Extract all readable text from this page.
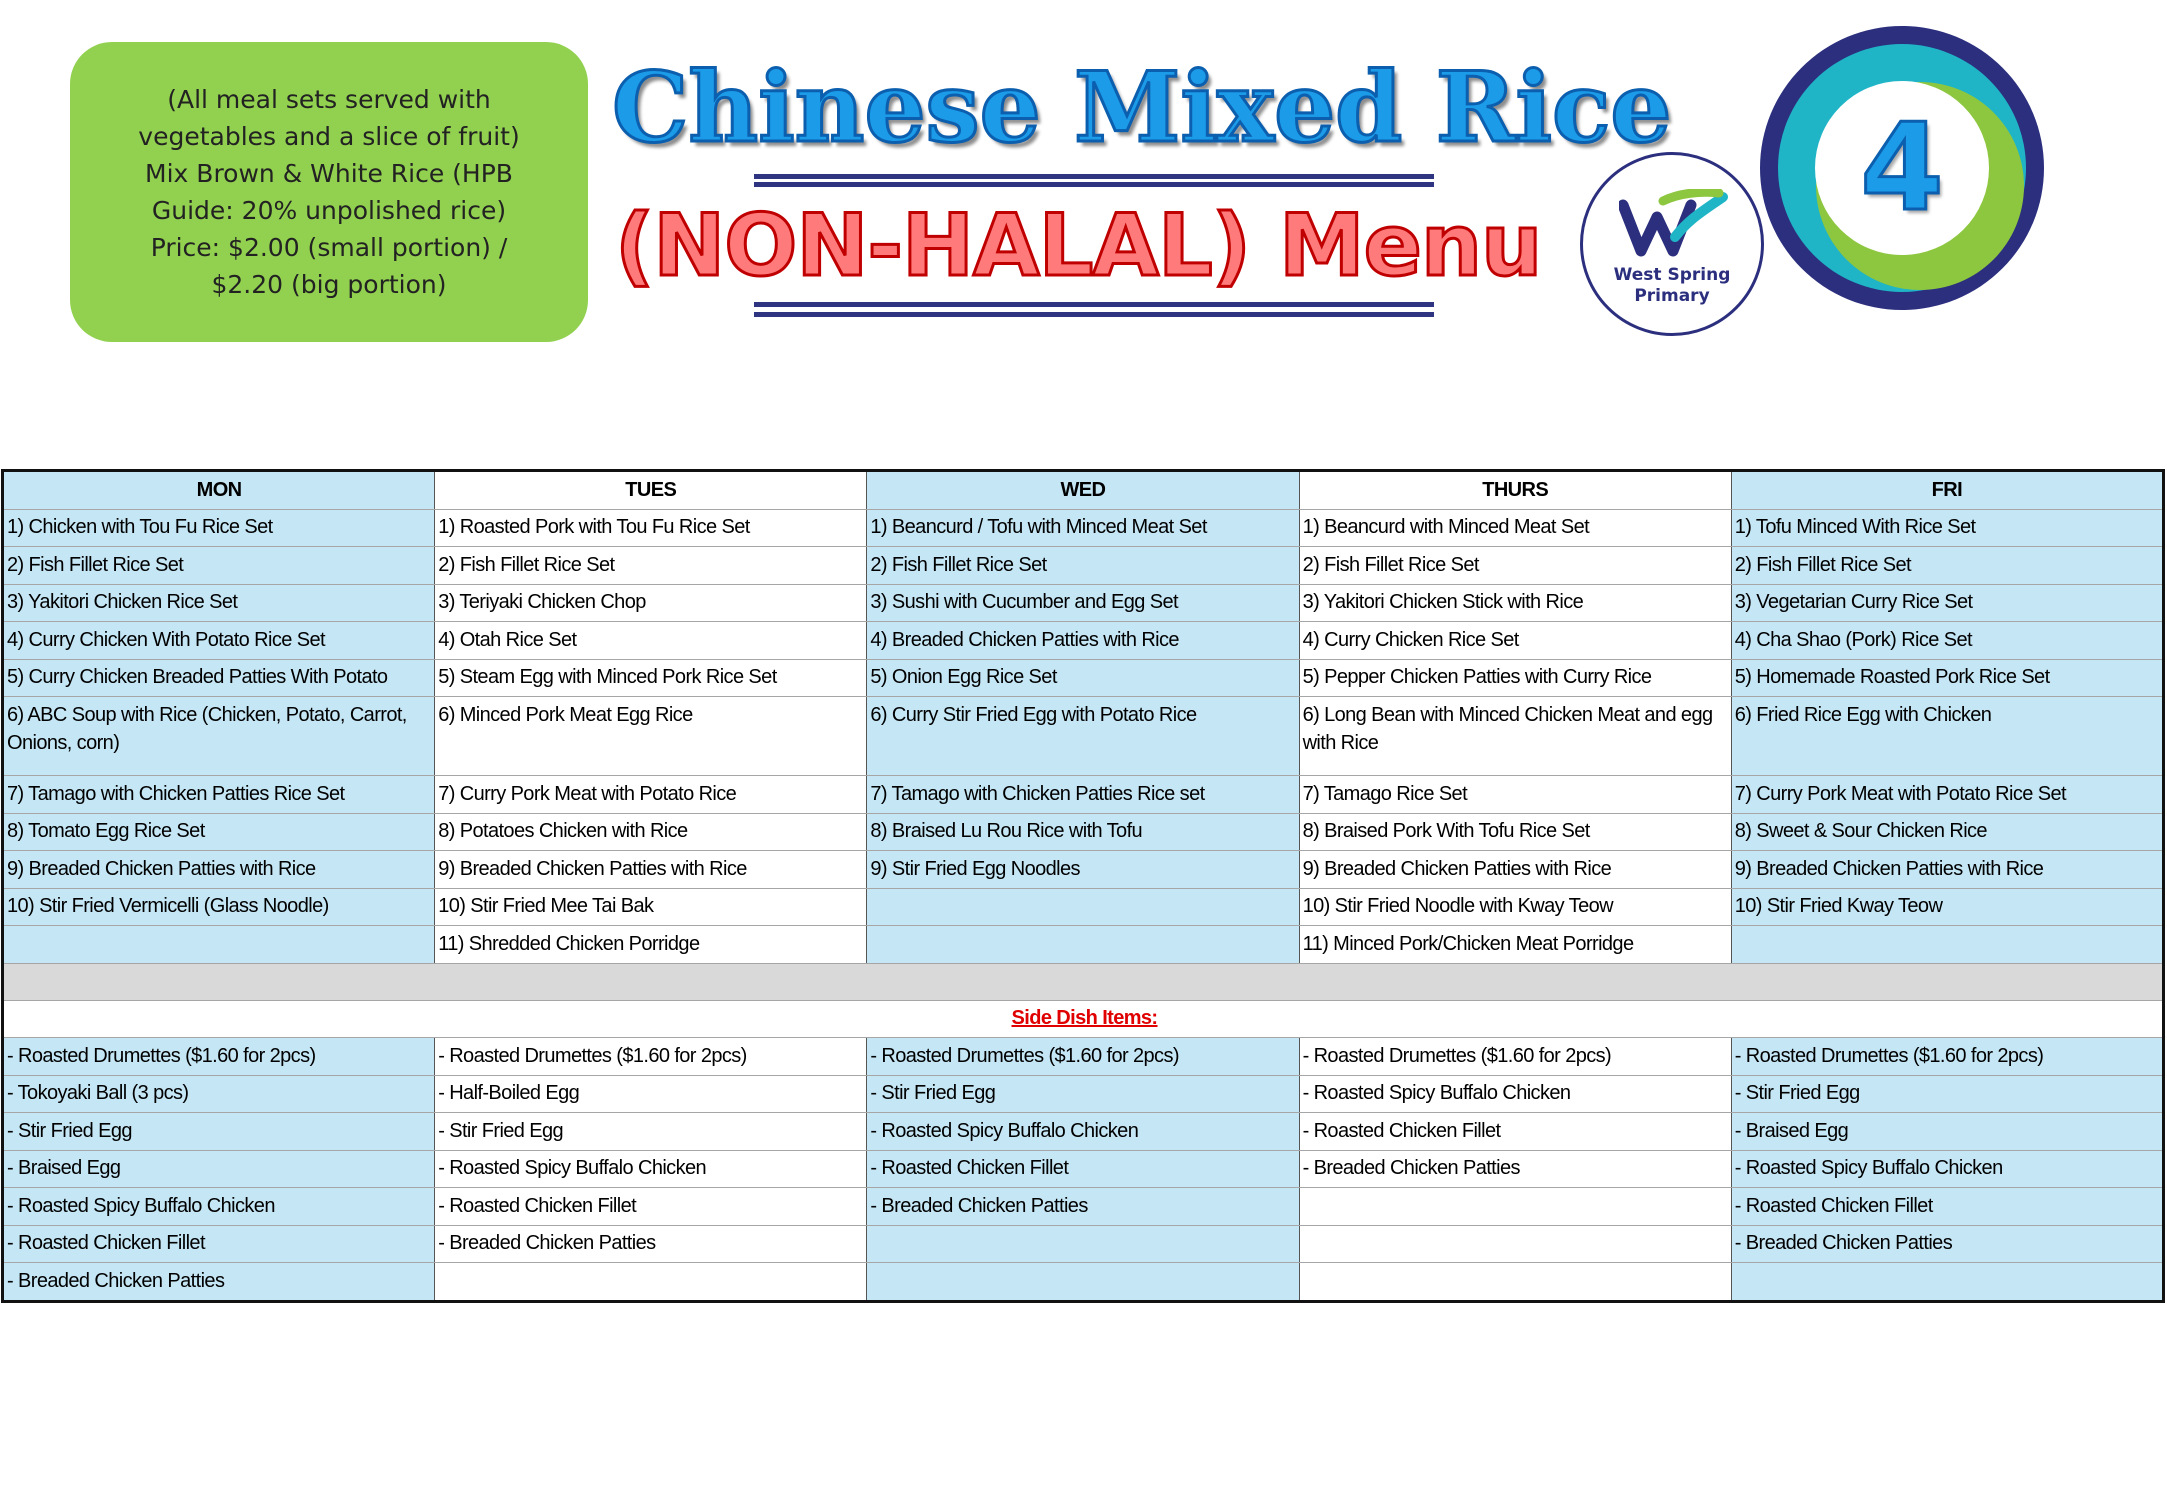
(All meal sets served with
vegetables and a slice of fruit)
Mix Brown & White Rice (HPB
Guide: 20% unpolished rice)
Price: $2.00 (small portion) /
$2.20 (big portion)
Chinese Mixed Rice
(NON-HALAL) Menu	West Spring
Primary
4
MON	TUES	WED	THURS	FRI
1) Chicken with Tou Fu Rice Set	1) Roasted Pork with Tou Fu Rice Set	1) Beancurd / Tofu with Minced Meat Set	1) Beancurd with Minced Meat Set	1) Tofu Minced With Rice Set
2) Fish Fillet Rice Set	2) Fish Fillet Rice Set	2) Fish Fillet Rice Set	2) Fish Fillet Rice Set	2) Fish Fillet Rice Set
3) Yakitori Chicken Rice Set	3) Teriyaki Chicken Chop	3) Sushi with Cucumber and Egg Set	3) Yakitori Chicken Stick with Rice	3) Vegetarian Curry Rice Set
4) Curry Chicken With Potato Rice Set	4) Otah Rice Set	4) Breaded Chicken Patties with Rice	4) Curry Chicken Rice Set	4) Cha Shao (Pork) Rice Set
5) Curry Chicken Breaded Patties With Potato	5) Steam Egg with Minced Pork Rice Set	5) Onion Egg Rice Set	5) Pepper Chicken Patties with Curry Rice	5) Homemade Roasted Pork Rice Set
6) ABC Soup with Rice (Chicken, Potato, Carrot, Onions, corn)	6) Minced Pork Meat Egg Rice	6) Curry Stir Fried Egg with Potato Rice	6) Long Bean with Minced Chicken Meat and egg with Rice	6) Fried Rice Egg with Chicken
7) Tamago with Chicken Patties Rice Set	7) Curry Pork Meat with Potato Rice	7) Tamago with Chicken Patties Rice set	7) Tamago Rice Set	7) Curry Pork Meat with Potato Rice Set
8) Tomato Egg Rice Set	8) Potatoes Chicken with Rice	8) Braised Lu Rou Rice with Tofu	8) Braised Pork With Tofu Rice Set	8) Sweet & Sour Chicken Rice
9) Breaded Chicken Patties with Rice	9) Breaded Chicken Patties with Rice	9) Stir Fried Egg Noodles	9) Breaded Chicken Patties with Rice	9) Breaded Chicken Patties with Rice
10) Stir Fried Vermicelli (Glass Noodle)	10) Stir Fried Mee Tai Bak		10) Stir Fried Noodle with Kway Teow	10) Stir Fried Kway Teow
	11) Shredded Chicken Porridge		11) Minced Pork/Chicken Meat Porridge	

Side Dish Items:				
- Roasted Drumettes ($1.60 for 2pcs)	- Roasted Drumettes ($1.60 for 2pcs)	- Roasted Drumettes ($1.60 for 2pcs)	- Roasted Drumettes ($1.60 for 2pcs)	- Roasted Drumettes ($1.60 for 2pcs)
- Tokoyaki Ball (3 pcs)	- Half-Boiled Egg	- Stir Fried Egg	- Roasted Spicy Buffalo Chicken	- Stir Fried Egg
- Stir Fried Egg	- Stir Fried Egg	- Roasted Spicy Buffalo Chicken	- Roasted Chicken Fillet	- Braised Egg
- Braised Egg	- Roasted Spicy Buffalo Chicken	- Roasted Chicken Fillet	- Breaded Chicken Patties	- Roasted Spicy Buffalo Chicken
- Roasted Spicy Buffalo Chicken	- Roasted Chicken Fillet	- Breaded Chicken Patties		- Roasted Chicken Fillet
- Roasted Chicken Fillet	- Breaded Chicken Patties			- Breaded Chicken Patties
- Breaded Chicken Patties				
